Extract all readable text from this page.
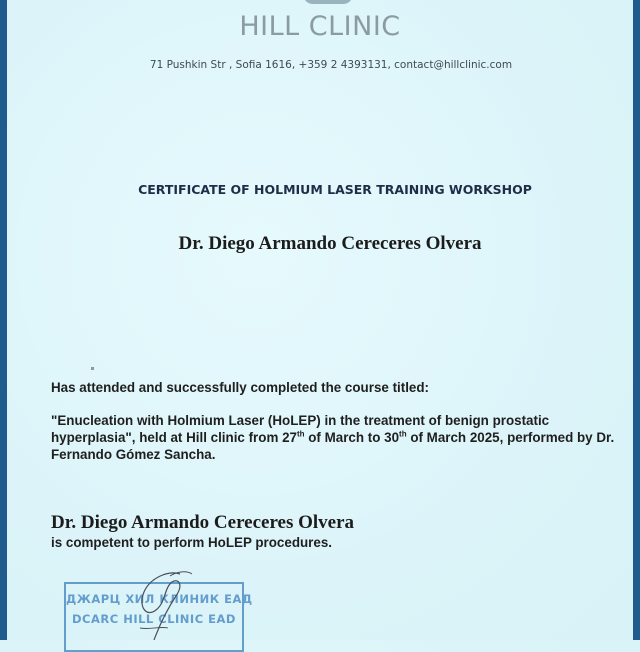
HILL CLINIC
71 Pushkin Str , Sofia 1616, +359 2 4393131, contact@hillclinic.com
CERTIFICATE OF HOLMIUM LASER TRAINING WORKSHOP
Dr. Diego Armando Cereceres Olvera
Has attended and successfully completed the course titled:
"Enucleation with Holmium Laser (HoLEP) in the treatment of benign prostatic hyperplasia", held at Hill clinic from 27th of March to 30th of March 2025, performed by Dr. Fernando Gómez Sancha.
Dr. Diego Armando Cereceres Olvera
is competent to perform HoLEP procedures.
ДЖАРЦ ХИЛ КЛИНИК ЕАД
DCARC HILL CLINIC EAD
